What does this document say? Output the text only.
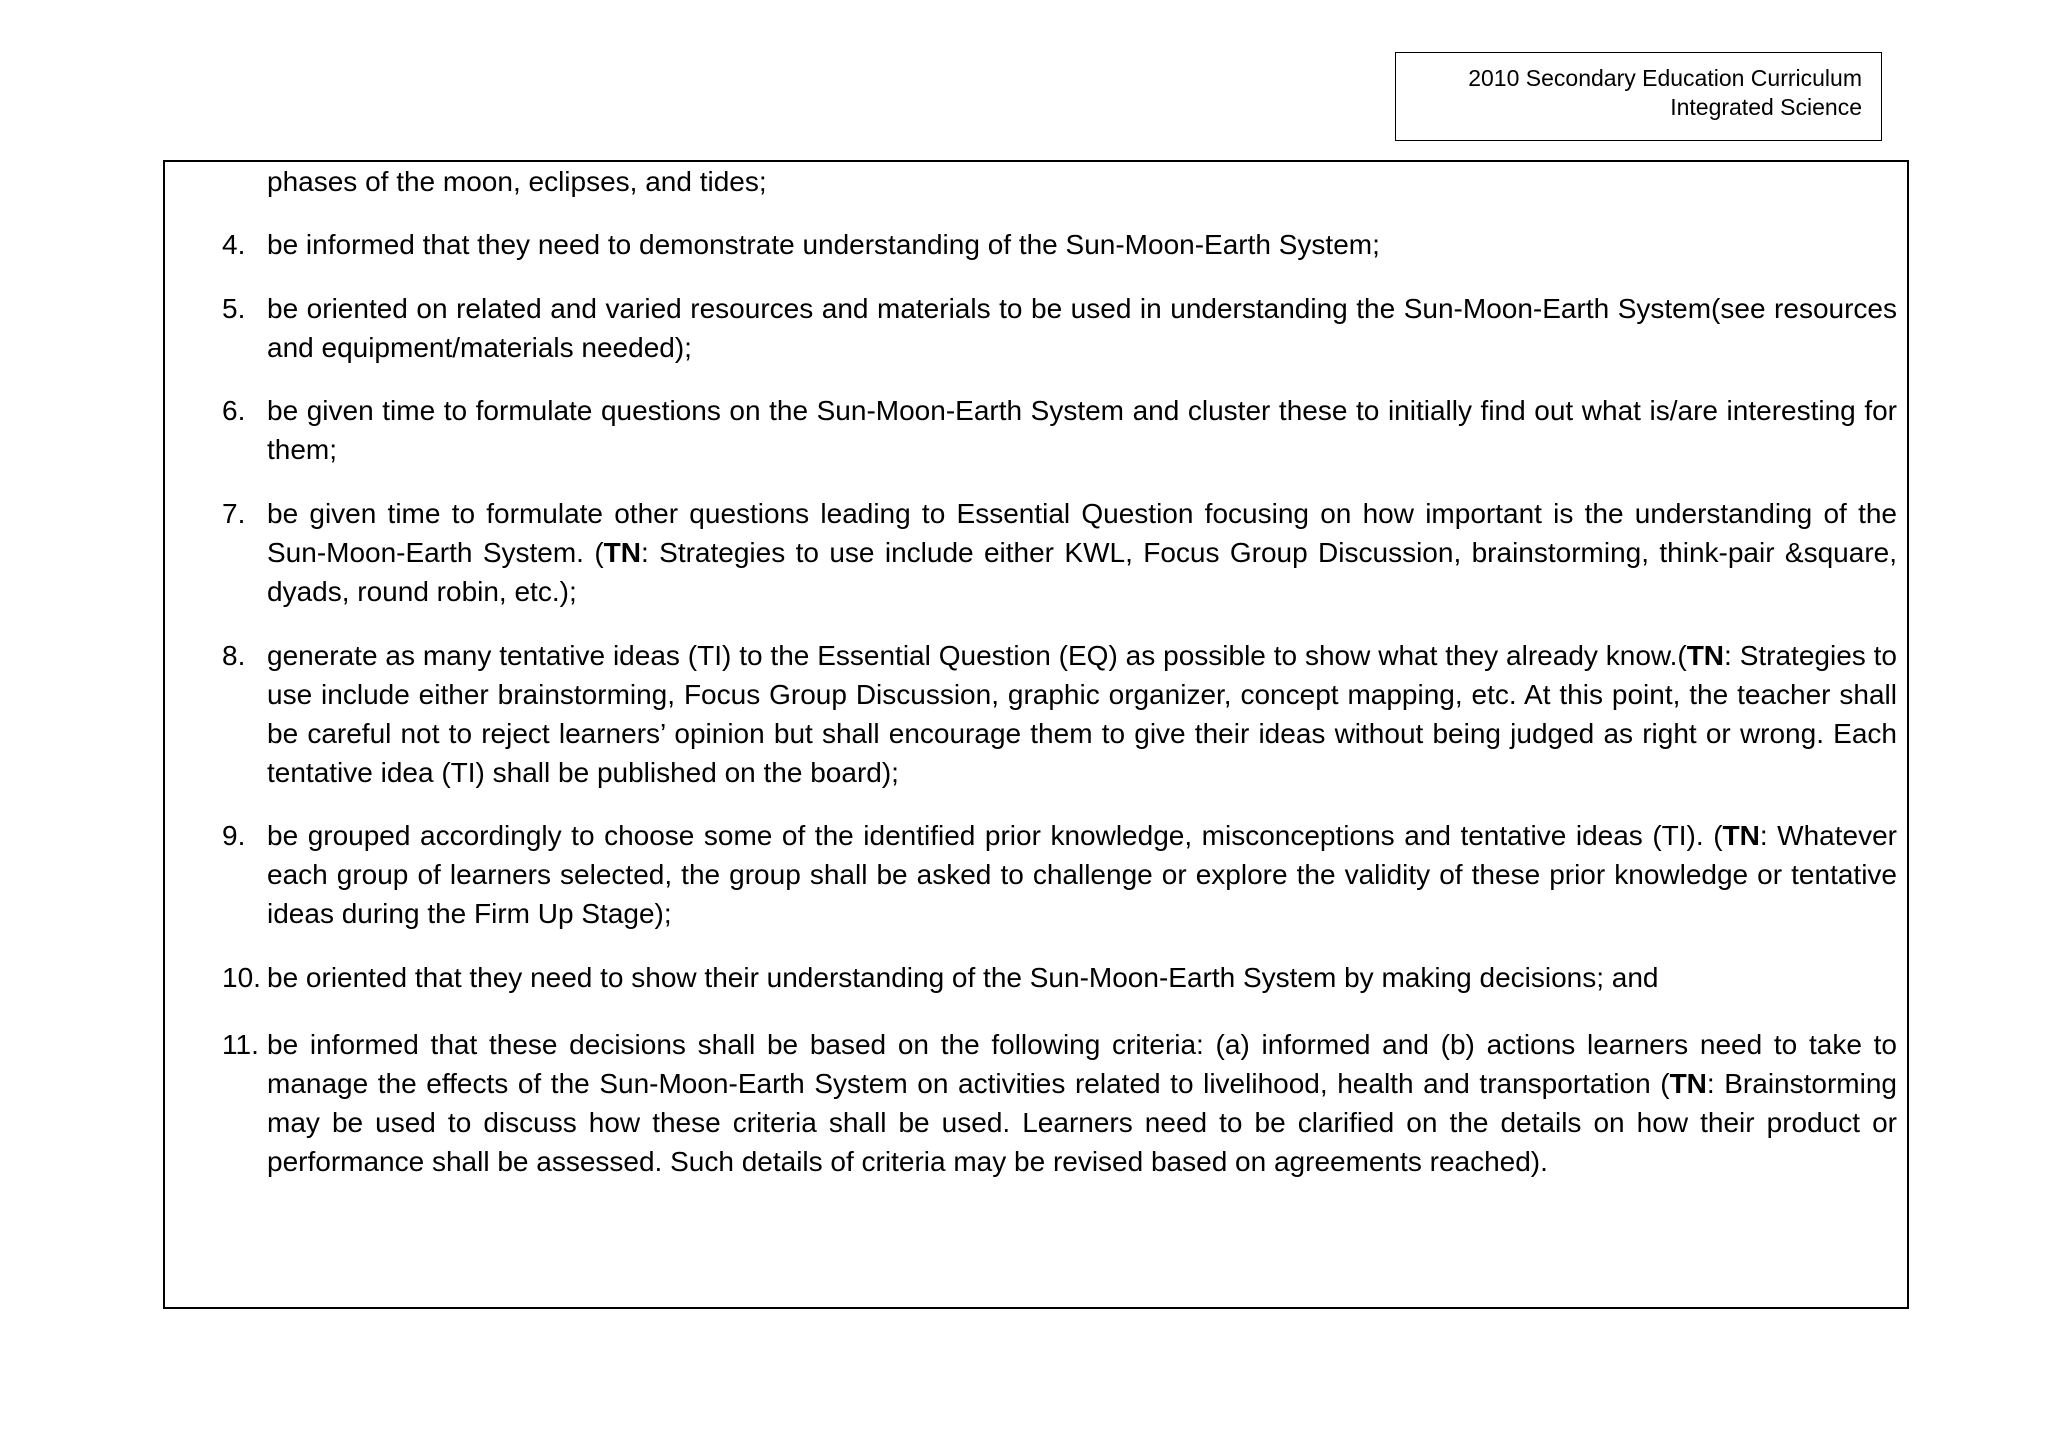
2010 Secondary Education Curriculum
Integrated Science
phases of the moon, eclipses, and tides;
4. be informed that they need to demonstrate understanding of the Sun-Moon-Earth System;
5. be oriented on related and varied resources and materials to be used in understanding the Sun-Moon-Earth System(see resources and equipment/materials needed);
6. be given time to formulate questions on the Sun-Moon-Earth System and cluster these to initially find out what is/are interesting for them;
7. be given time to formulate other questions leading to Essential Question focusing on how important is the understanding of the Sun-Moon-Earth System. (TN: Strategies to use include either KWL, Focus Group Discussion, brainstorming, think-pair &square, dyads, round robin, etc.);
8. generate as many tentative ideas (TI) to the Essential Question (EQ) as possible to show what they already know.(TN: Strategies to use include either brainstorming, Focus Group Discussion, graphic organizer, concept mapping, etc. At this point, the teacher shall be careful not to reject learners’ opinion but shall encourage them to give their ideas without being judged as right or wrong. Each tentative idea (TI) shall be published on the board);
9. be grouped accordingly to choose some of the identified prior knowledge, misconceptions and tentative ideas (TI). (TN: Whatever each group of learners selected, the group shall be asked to challenge or explore the validity of these prior knowledge or tentative ideas during the Firm Up Stage);
10. be oriented that they need to show their understanding of the Sun-Moon-Earth System by making decisions; and
11. be informed that these decisions shall be based on the following criteria: (a) informed and (b) actions learners need to take to manage the effects of the Sun-Moon-Earth System on activities related to livelihood, health and transportation (TN: Brainstorming may be used to discuss how these criteria shall be used. Learners need to be clarified on the details on how their product or performance shall be assessed. Such details of criteria may be revised based on agreements reached).
